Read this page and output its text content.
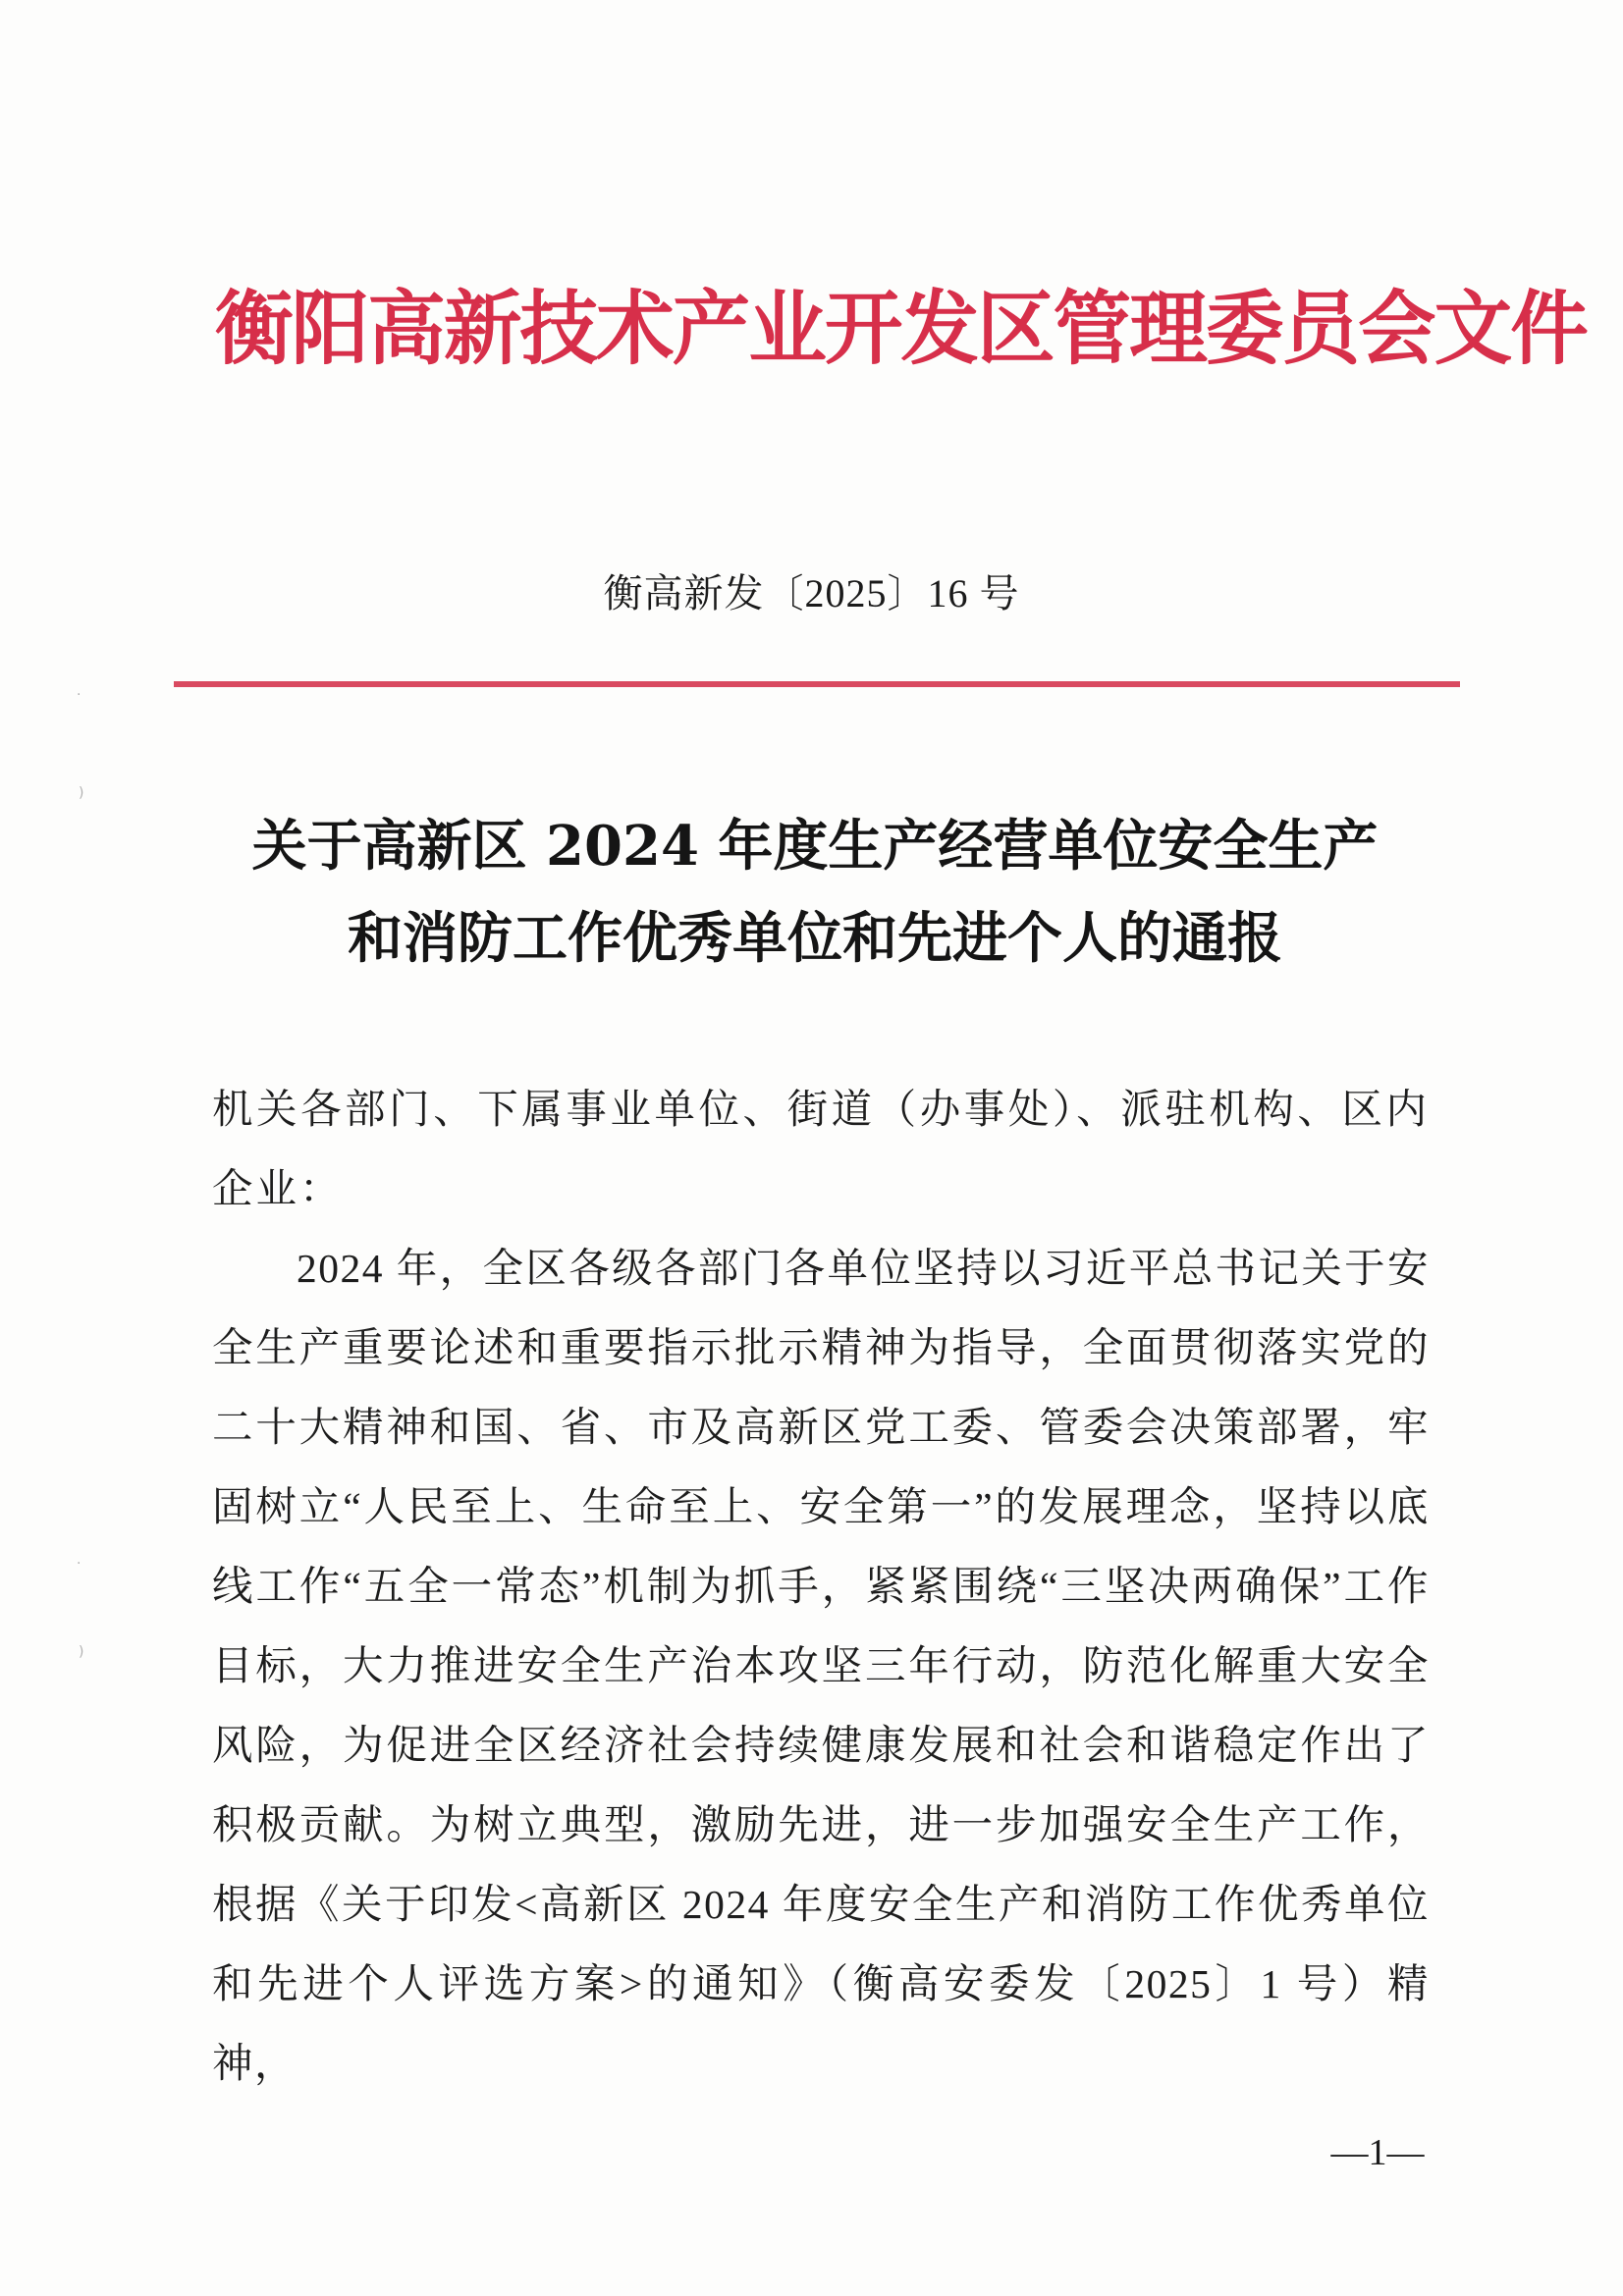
·
)
·
)
衡阳高新技术产业开发区管理委员会文件
衡高新发〔2025〕16 号
关于高新区 2024 年度生产经营单位安全生产
和消防工作优秀单位和先进个人的通报

机关各部门、下属事业单位、街道（办事处）、派驻机构、区内企业：

2024 年，全区各级各部门各单位坚持以习近平总书记关于安全生产重要论述和重要指示批示精神为指导，全面贯彻落实党的二十大精神和国、省、市及高新区党工委、管委会决策部署，牢固树立“人民至上、生命至上、安全第一”的发展理念，坚持以底线工作“五全一常态”机制为抓手，紧紧围绕“三坚决两确保”工作目标，大力推进安全生产治本攻坚三年行动，防范化解重大安全风险，为促进全区经济社会持续健康发展和社会和谐稳定作出了积极贡献。为树立典型，激励先进，进一步加强安全生产工作，根据《关于印发<高新区 2024 年度安全生产和消防工作优秀单位和先进个人评选方案>的通知》（衡高安委发〔2025〕1 号）精神，

—1—
